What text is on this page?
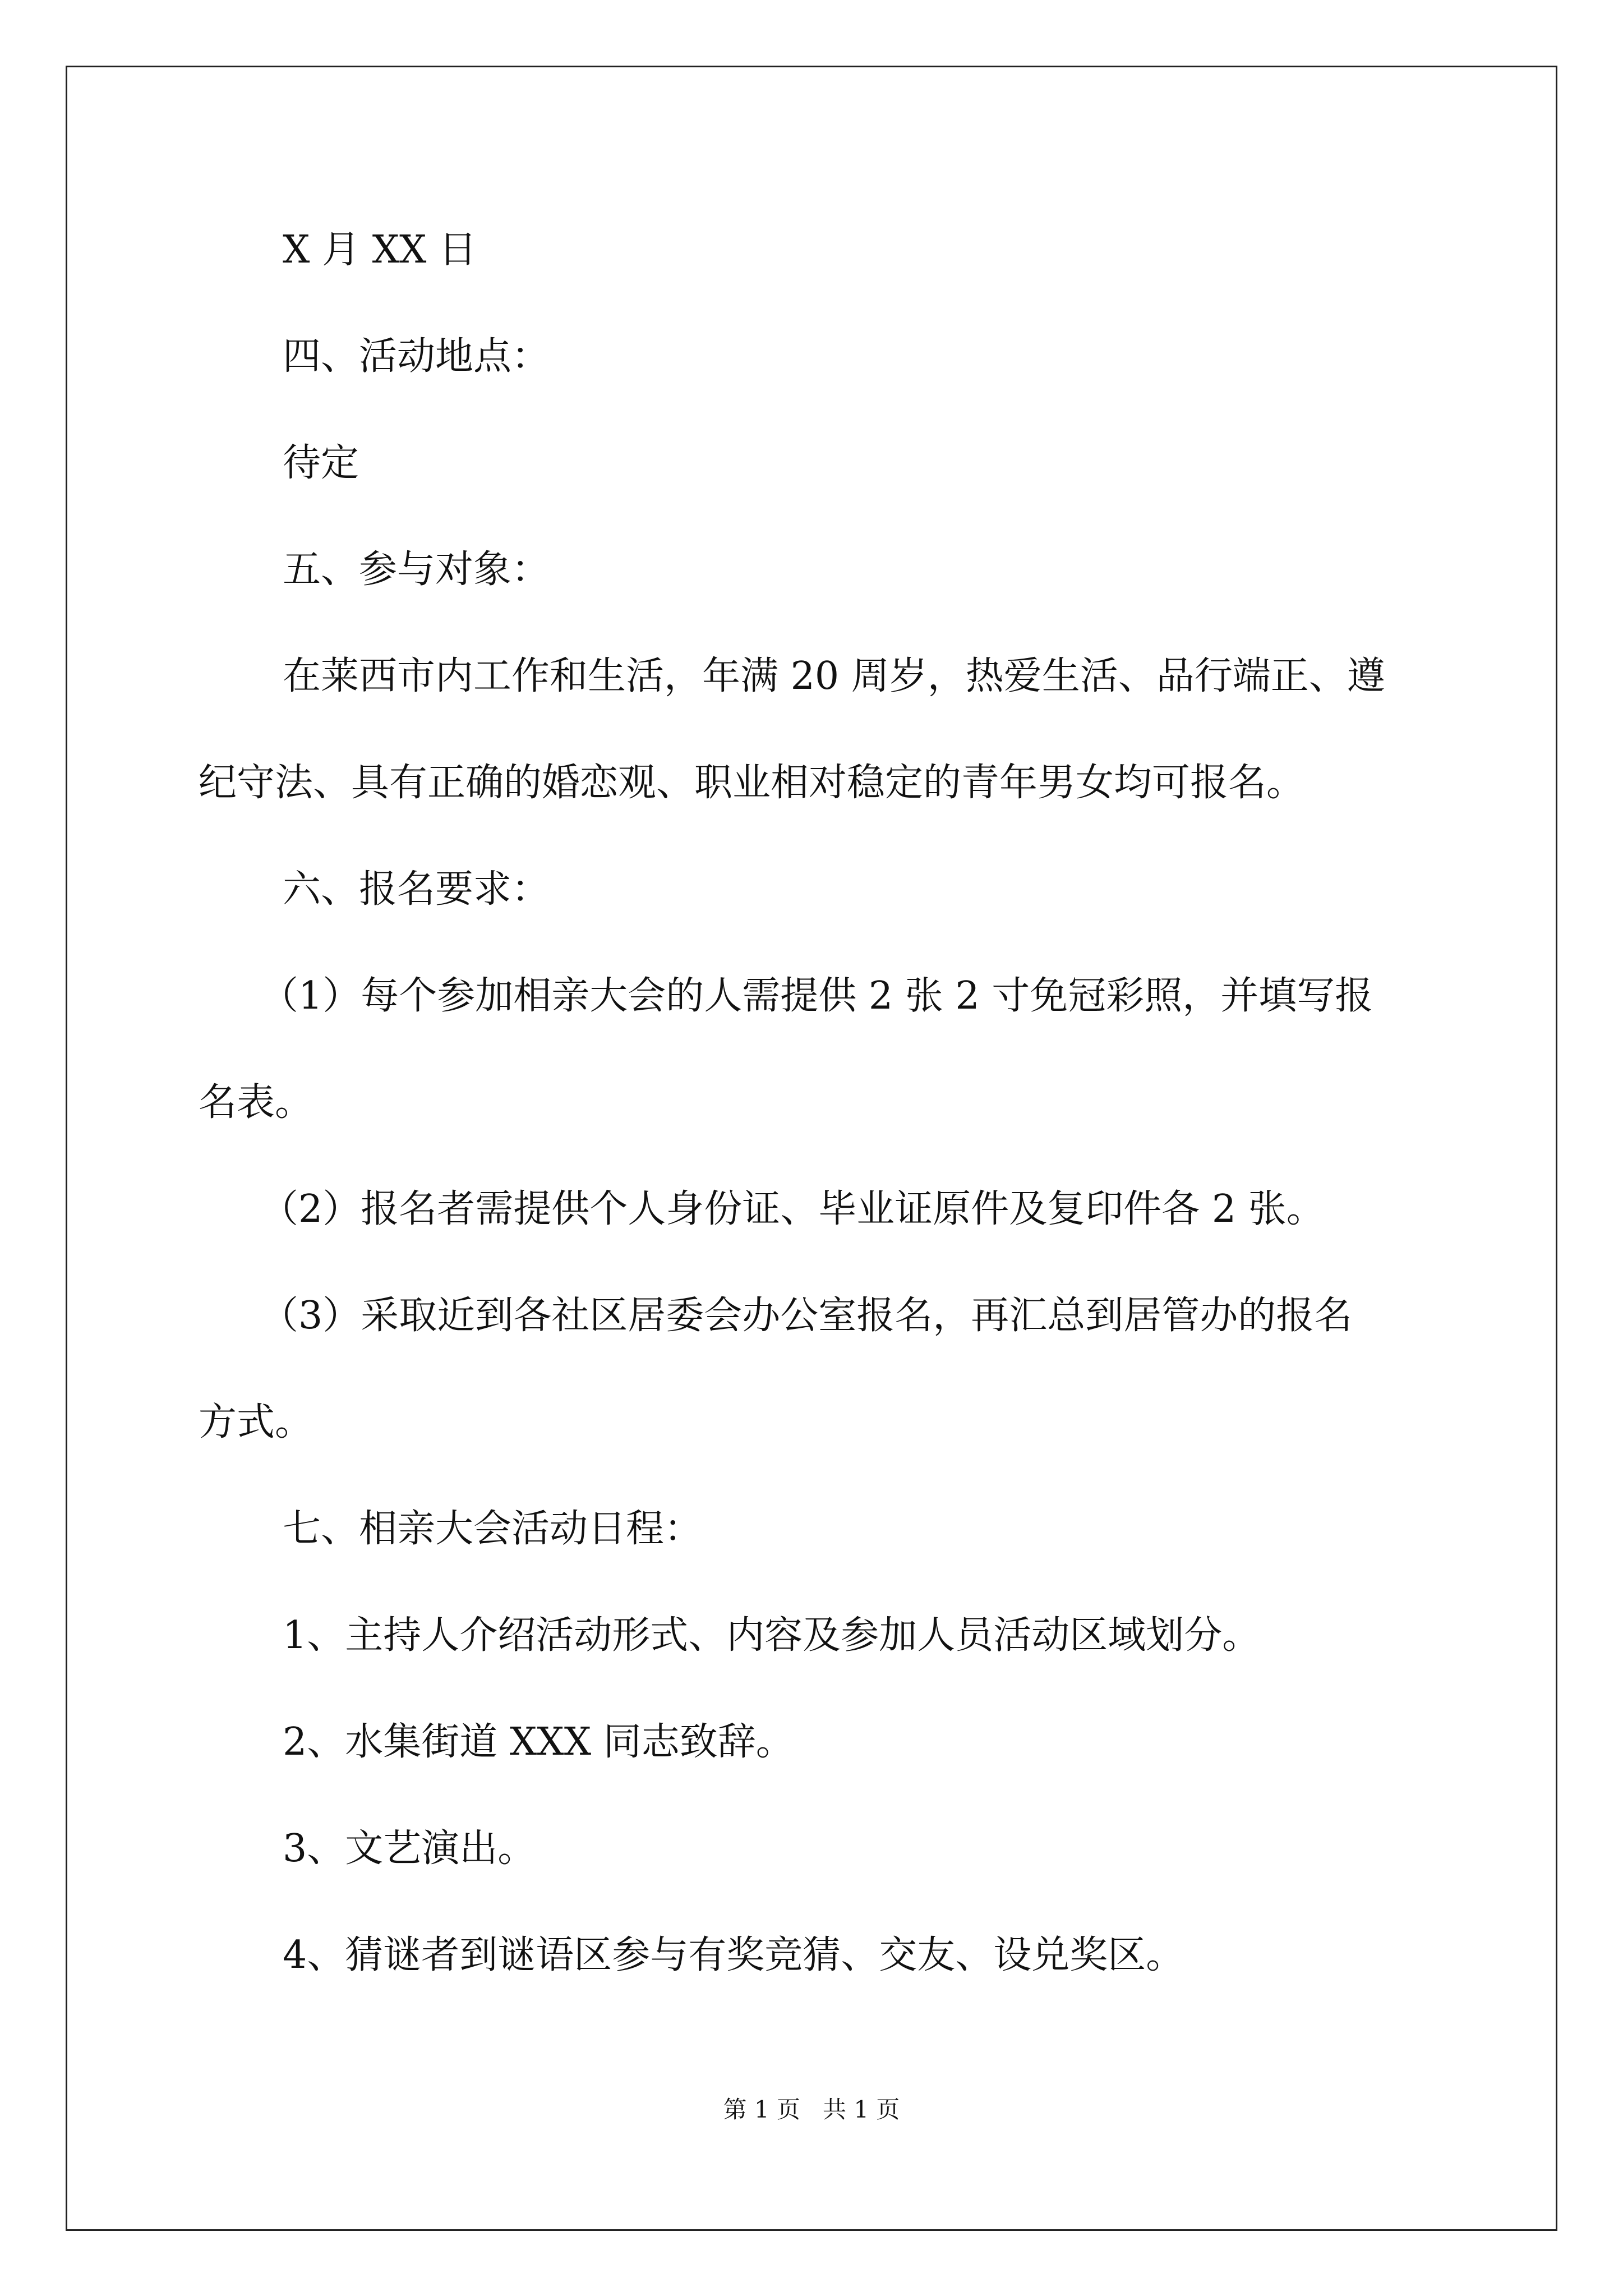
X 月 XX 日
四、活动地点：
待定
五、参与对象：
在莱西市内工作和生活，年满 20 周岁，热爱生活、品行端正、遵
纪守法、具有正确的婚恋观、职业相对稳定的青年男女均可报名。
六、报名要求：
（1）每个参加相亲大会的人需提供 2 张 2 寸免冠彩照，并填写报
名表。
（2）报名者需提供个人身份证、毕业证原件及复印件各 2 张。
（3）采取近到各社区居委会办公室报名，再汇总到居管办的报名
方式。
七、相亲大会活动日程：
1、主持人介绍活动形式、内容及参加人员活动区域划分。
2、水集街道 XXX 同志致辞。
3、文艺演出。
4、猜谜者到谜语区参与有奖竞猜、交友、设兑奖区。
第 1 页 共 1 页
